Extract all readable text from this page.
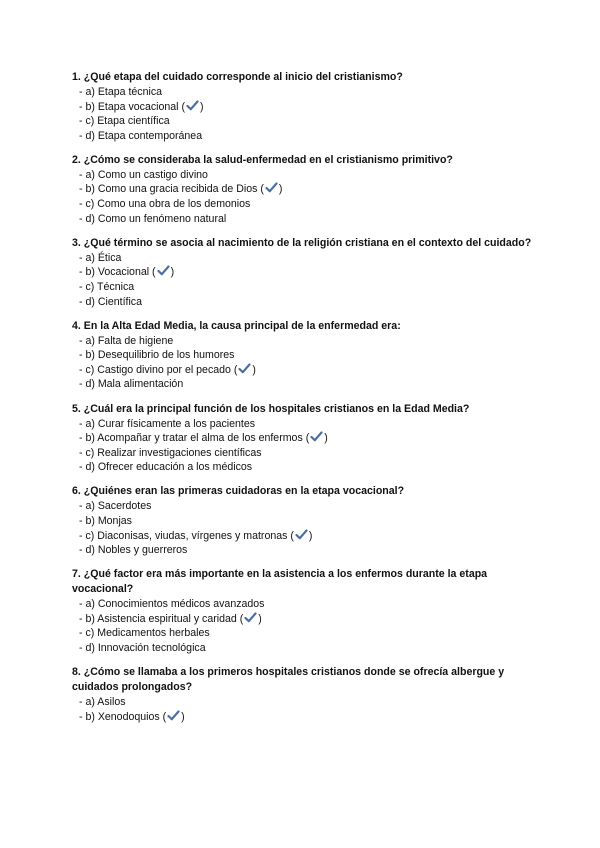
1. ¿Qué etapa del cuidado corresponde al inicio del cristianismo?

- a) Etapa técnica
- b) Etapa vocacional ( )
- c) Etapa científica
- d) Etapa contemporánea

2. ¿Cómo se consideraba la salud-enfermedad en el cristianismo primitivo?

- a) Como un castigo divino
- b) Como una gracia recibida de Dios ( )
- c) Como una obra de los demonios
- d) Como un fenómeno natural

3. ¿Qué término se asocia al nacimiento de la religión cristiana en el contexto del cuidado?

- a) Ética
- b) Vocacional ( )
- c) Técnica
- d) Científica

4. En la Alta Edad Media, la causa principal de la enfermedad era:

- a) Falta de higiene
- b) Desequilibrio de los humores
- c) Castigo divino por el pecado ( )
- d) Mala alimentación

5. ¿Cuál era la principal función de los hospitales cristianos en la Edad Media?

- a) Curar físicamente a los pacientes
- b) Acompañar y tratar el alma de los enfermos ( )
- c) Realizar investigaciones científicas
- d) Ofrecer educación a los médicos

6. ¿Quiénes eran las primeras cuidadoras en la etapa vocacional?

- a) Sacerdotes
- b) Monjas
- c) Diaconisas, viudas, vírgenes y matronas ( )
- d) Nobles y guerreros

7. ¿Qué factor era más importante en la asistencia a los enfermos durante la etapa vocacional?

- a) Conocimientos médicos avanzados
- b) Asistencia espiritual y caridad ( )
- c) Medicamentos herbales
- d) Innovación tecnológica

8. ¿Cómo se llamaba a los primeros hospitales cristianos donde se ofrecía albergue y cuidados prolongados?

- a) Asilos
- b) Xenodoquios ( )
